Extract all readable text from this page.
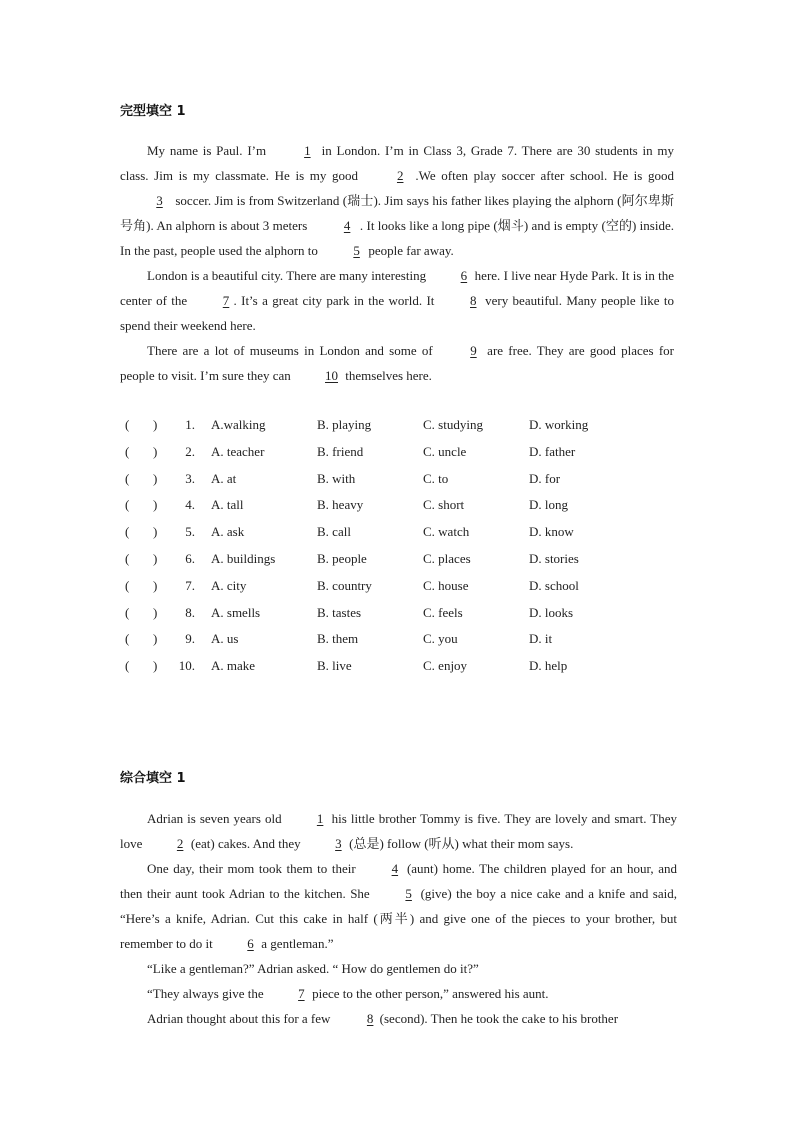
完型填空 1

My name is Paul. I’m	1 in London. I’m in Class 3, Grade 7. There are 30 students in my class. Jim is my classmate. He is my good	2 .We often play soccer after school. He is good 3 soccer. Jim is from Switzerland (瑞士). Jim says his father likes playing the alphorn (阿尔卑斯号角). An alphorn is about 3 meters	4 . It looks like a long pipe (烟斗) and is empty (空的) inside. In the past, people used the alphorn to 5 people far away.

London is a beautiful city. There are many interesting 6 here. I live near Hyde Park. It is in the center of the 7 . It’s a great city park in the world. It 8 very beautiful. Many people like to spend their weekend here.

There are a lot of museums in London and some of 9 are free. They are good places for people to visit. I’m sure they can 10 themselves here.

( )	1. A.walking	B. playing	C. studying	D. working
( )	2. A. teacher	B. friend	C. uncle	D. father
( )	3. A. at	B. with	C. to	D. for
( )	4. A. tall	B. heavy	C. short	D. long
( )	5. A. ask	B. call	C. watch	D. know
( )	6. A. buildings	B. people	C. places	D. stories
( )	7. A. city	B. country	C. house	D. school
( )	8. A. smells	B. tastes	C. feels	D. looks
( )	9. A. us	B. them	C. you	D. it
( ) 10. A. make	B. live	C. enjoy	D. help
综合填空 1

Adrian is seven years old 1 his little brother Tommy is five. They are lovely and smart. They love 2 (eat) cakes. And they 3 (总是) follow (听从) what their mom says.

One day, their mom took them to their 4 (aunt) home. The children played for an hour, and then their aunt took Adrian to the kitchen. She 5 (give) the boy a nice cake and a knife and said, “Here’s a knife, Adrian. Cut this cake in half (两半) and give one of the pieces to your brother, but remember to do it 6 a gentleman.”

“Like a gentleman?” Adrian asked. “ How do gentlemen do it?”

“They always give the 7 piece to the other person,” answered his aunt.

Adrian thought about this for a few	8 (second). Then he took the cake to his brother
